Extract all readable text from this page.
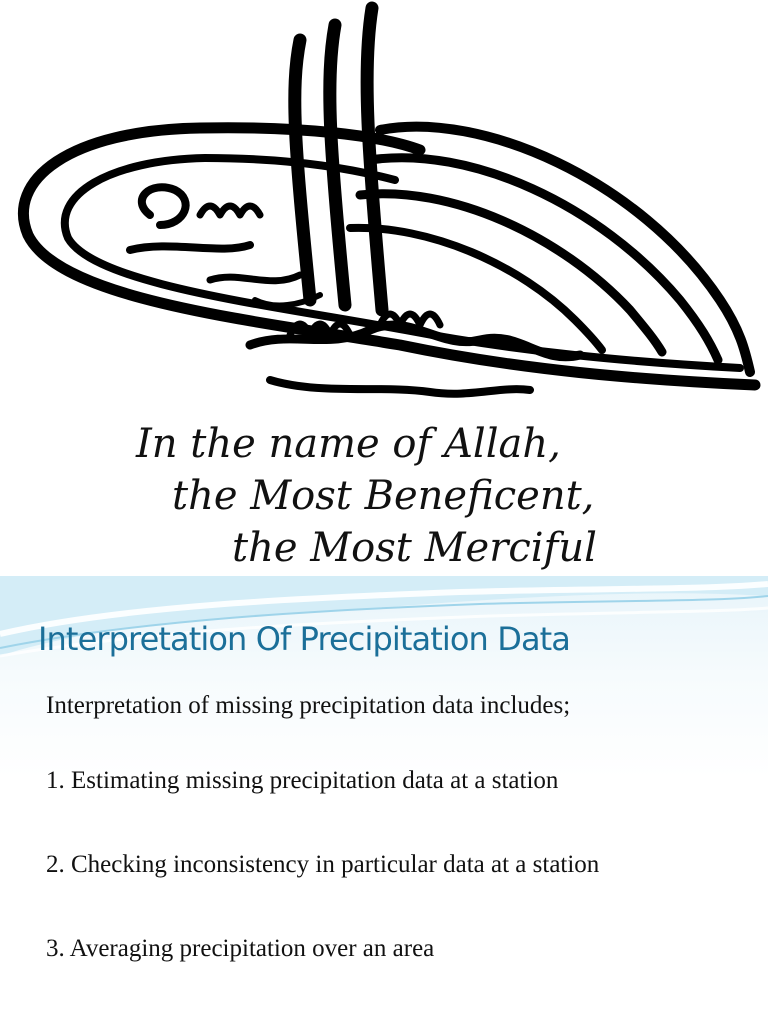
In the name of Allah,
the Most Beneficent,
the Most Merciful
Interpretation Of Precipitation Data
Interpretation of missing precipitation data includes;
1. Estimating missing precipitation data at a station
2. Checking inconsistency in particular data at a station
3. Averaging precipitation over an area
